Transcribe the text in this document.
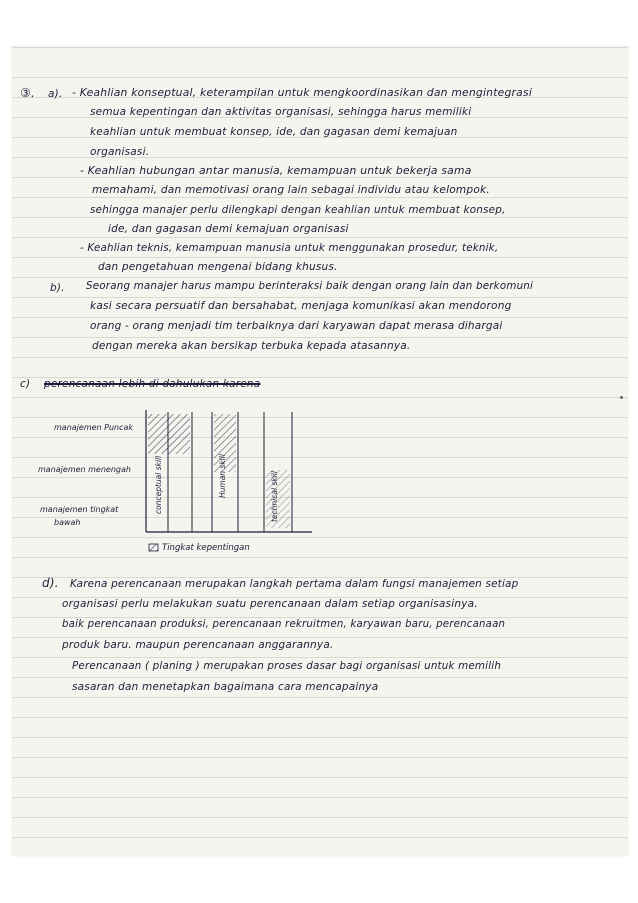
③. a). - Keahlian konseptual, keterampilan untuk mengkoordinasikan dan mengintegrasi
semua kepentingan dan aktivitas organisasi, sehingga harus memiliki
keahlian untuk membuat konsep, ide, dan gagasan demi kemajuan
organisasi.
- Keahlian hubungan antar manusia, kemampuan untuk bekerja sama
memahami, dan memotivasi orang lain sebagai individu atau kelompok.
sehingga manajer perlu dilengkapi dengan keahlian untuk membuat konsep,
ide, dan gagasan demi kemajuan organisasi
- Keahlian teknis, kemampuan manusia untuk menggunakan prosedur, teknik,
dan pengetahuan mengenai bidang khusus.
b). Seorang manajer harus mampu berinteraksi baik dengan orang lain dan berkomuni
kasi secara persuatif dan bersahabat, menjaga komunikasi akan mendorong
orang - orang menjadi tim terbaiknya dari karyawan dapat merasa dihargai
dengan mereka akan bersikap terbuka kepada atasannya.
c) perencanaan lebih di dahulukan karena
manajemen Puncak
manajemen menengah
manajemen tingkat
bawah
conceptual skill	Human skill	technical skill
Tingkat kepentingan
d). Karena perencanaan merupakan langkah pertama dalam fungsi manajemen setiap
organisasi perlu melakukan suatu perencanaan dalam setiap organisasinya.
baik perencanaan produksi, perencanaan rekruitmen, karyawan baru, perencanaan
produk baru. maupun perencanaan anggarannya.
Perencanaan ( planing ) merupakan proses dasar bagi organisasi untuk memilih
sasaran dan menetapkan bagaimana cara mencapainya
